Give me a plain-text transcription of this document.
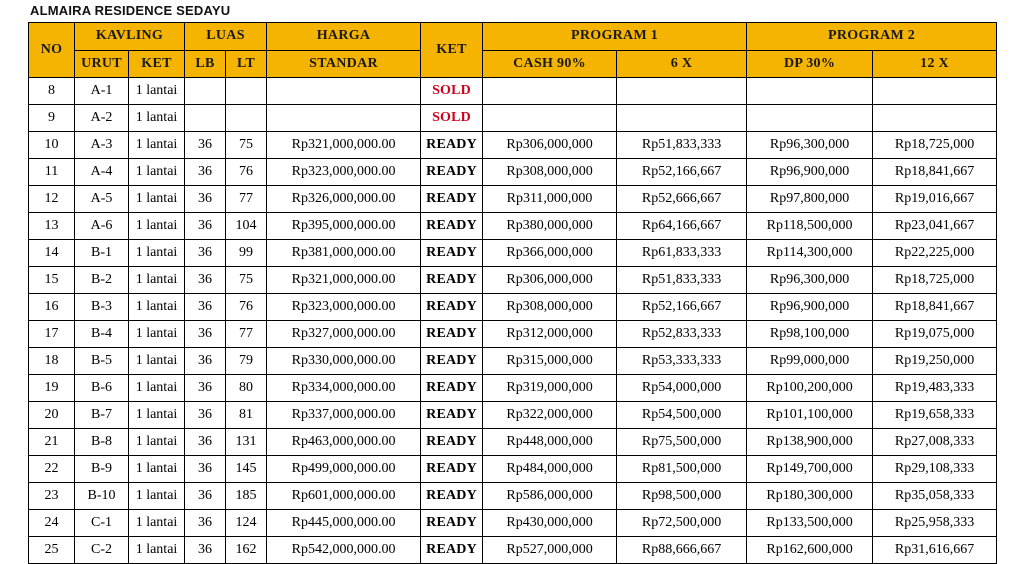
ALMAIRA RESIDENCE SEDAYU
NO	KAVLING		LUAS		HARGA	KET	PROGRAM 1		PROGRAM 2	
	URUT	KET	LB	LT	STANDAR		CASH 90%	6 X	DP 30%	12 X
8	A-1	1 lantai				SOLD				
9	A-2	1 lantai				SOLD				
10	A-3	1 lantai	36	75	Rp321,000,000.00	READY	Rp306,000,000	Rp51,833,333	Rp96,300,000	Rp18,725,000
11	A-4	1 lantai	36	76	Rp323,000,000.00	READY	Rp308,000,000	Rp52,166,667	Rp96,900,000	Rp18,841,667
12	A-5	1 lantai	36	77	Rp326,000,000.00	READY	Rp311,000,000	Rp52,666,667	Rp97,800,000	Rp19,016,667
13	A-6	1 lantai	36	104	Rp395,000,000.00	READY	Rp380,000,000	Rp64,166,667	Rp118,500,000	Rp23,041,667
14	B-1	1 lantai	36	99	Rp381,000,000.00	READY	Rp366,000,000	Rp61,833,333	Rp114,300,000	Rp22,225,000
15	B-2	1 lantai	36	75	Rp321,000,000.00	READY	Rp306,000,000	Rp51,833,333	Rp96,300,000	Rp18,725,000
16	B-3	1 lantai	36	76	Rp323,000,000.00	READY	Rp308,000,000	Rp52,166,667	Rp96,900,000	Rp18,841,667
17	B-4	1 lantai	36	77	Rp327,000,000.00	READY	Rp312,000,000	Rp52,833,333	Rp98,100,000	Rp19,075,000
18	B-5	1 lantai	36	79	Rp330,000,000.00	READY	Rp315,000,000	Rp53,333,333	Rp99,000,000	Rp19,250,000
19	B-6	1 lantai	36	80	Rp334,000,000.00	READY	Rp319,000,000	Rp54,000,000	Rp100,200,000	Rp19,483,333
20	B-7	1 lantai	36	81	Rp337,000,000.00	READY	Rp322,000,000	Rp54,500,000	Rp101,100,000	Rp19,658,333
21	B-8	1 lantai	36	131	Rp463,000,000.00	READY	Rp448,000,000	Rp75,500,000	Rp138,900,000	Rp27,008,333
22	B-9	1 lantai	36	145	Rp499,000,000.00	READY	Rp484,000,000	Rp81,500,000	Rp149,700,000	Rp29,108,333
23	B-10	1 lantai	36	185	Rp601,000,000.00	READY	Rp586,000,000	Rp98,500,000	Rp180,300,000	Rp35,058,333
24	C-1	1 lantai	36	124	Rp445,000,000.00	READY	Rp430,000,000	Rp72,500,000	Rp133,500,000	Rp25,958,333
25	C-2	1 lantai	36	162	Rp542,000,000.00	READY	Rp527,000,000	Rp88,666,667	Rp162,600,000	Rp31,616,667
